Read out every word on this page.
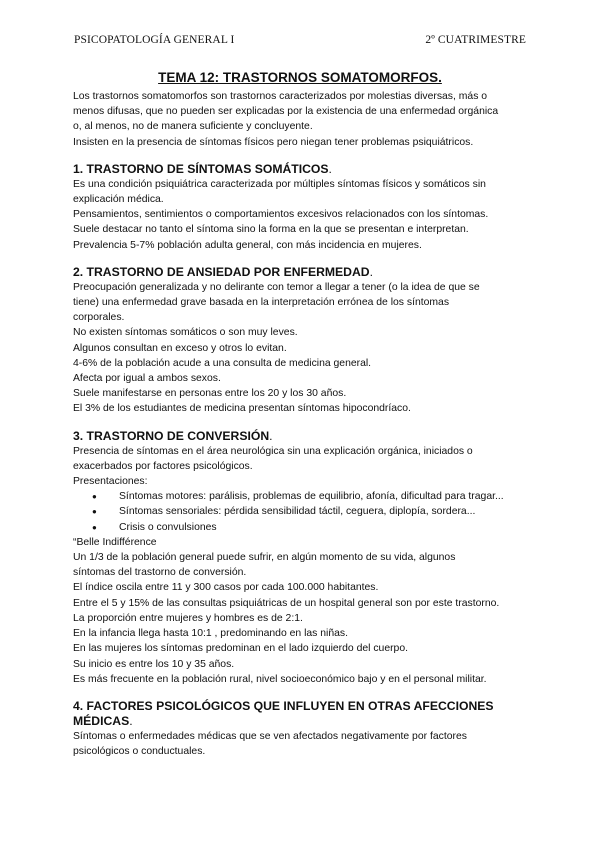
PSICOPATOLOGÍA GENERAL I	2º CUATRIMESTRE
TEMA 12: TRASTORNOS SOMATOMORFOS.

Los trastornos somatomorfos son trastornos caracterizados por molestias diversas, más o

menos difusas, que no pueden ser explicadas por la existencia de una enfermedad orgánica

o, al menos, no de manera suficiente y concluyente.

Insisten en la presencia de síntomas físicos pero niegan tener problemas psiquiátricos.

1. TRASTORNO DE SÍNTOMAS SOMÁTICOS.

Es una condición psiquiátrica caracterizada por múltiples síntomas físicos y somáticos sin

explicación médica.

Pensamientos, sentimientos o comportamientos excesivos relacionados con los síntomas.

Suele destacar no tanto el síntoma sino la forma en la que se presentan e interpretan.

Prevalencia 5-7% población adulta general, con más incidencia en mujeres.

2. TRASTORNO DE ANSIEDAD POR ENFERMEDAD.

Preocupación generalizada y no delirante con temor a llegar a tener (o la idea de que se

tiene) una enfermedad grave basada en la interpretación errónea de los síntomas

corporales.

No existen síntomas somáticos o son muy leves.

Algunos consultan en exceso y otros lo evitan.

4-6% de la población acude a una consulta de medicina general.

Afecta por igual a ambos sexos.

Suele manifestarse en personas entre los 20 y los 30 años.

El 3% de los estudiantes de medicina presentan síntomas hipocondríaco.

3. TRASTORNO DE CONVERSIÓN.

Presencia de síntomas en el área neurológica sin una explicación orgánica, iniciados o

exacerbados por factores psicológicos.

Presentaciones:

● Síntomas motores: parálisis, problemas de equilibrio, afonía, dificultad para tragar...
● Síntomas sensoriales: pérdida sensibilidad táctil, ceguera, diplopía, sordera...
● Crisis o convulsiones

“Belle Indifférence

Un 1/3 de la población general puede sufrir, en algún momento de su vida, algunos

síntomas del trastorno de conversión.

El índice oscila entre 11 y 300 casos por cada 100.000 habitantes.

Entre el 5 y 15% de las consultas psiquiátricas de un hospital general son por este trastorno.

La proporción entre mujeres y hombres es de 2:1.

En la infancia llega hasta 10:1 , predominando en las niñas.

En las mujeres los síntomas predominan en el lado izquierdo del cuerpo.

Su inicio es entre los 10 y 35 años.

Es más frecuente en la población rural, nivel socioeconómico bajo y en el personal militar.

4. FACTORES PSICOLÓGICOS QUE INFLUYEN EN OTRAS AFECCIONES

MÉDICAS.

Síntomas o enfermedades médicas que se ven afectados negativamente por factores

psicológicos o conductuales.
